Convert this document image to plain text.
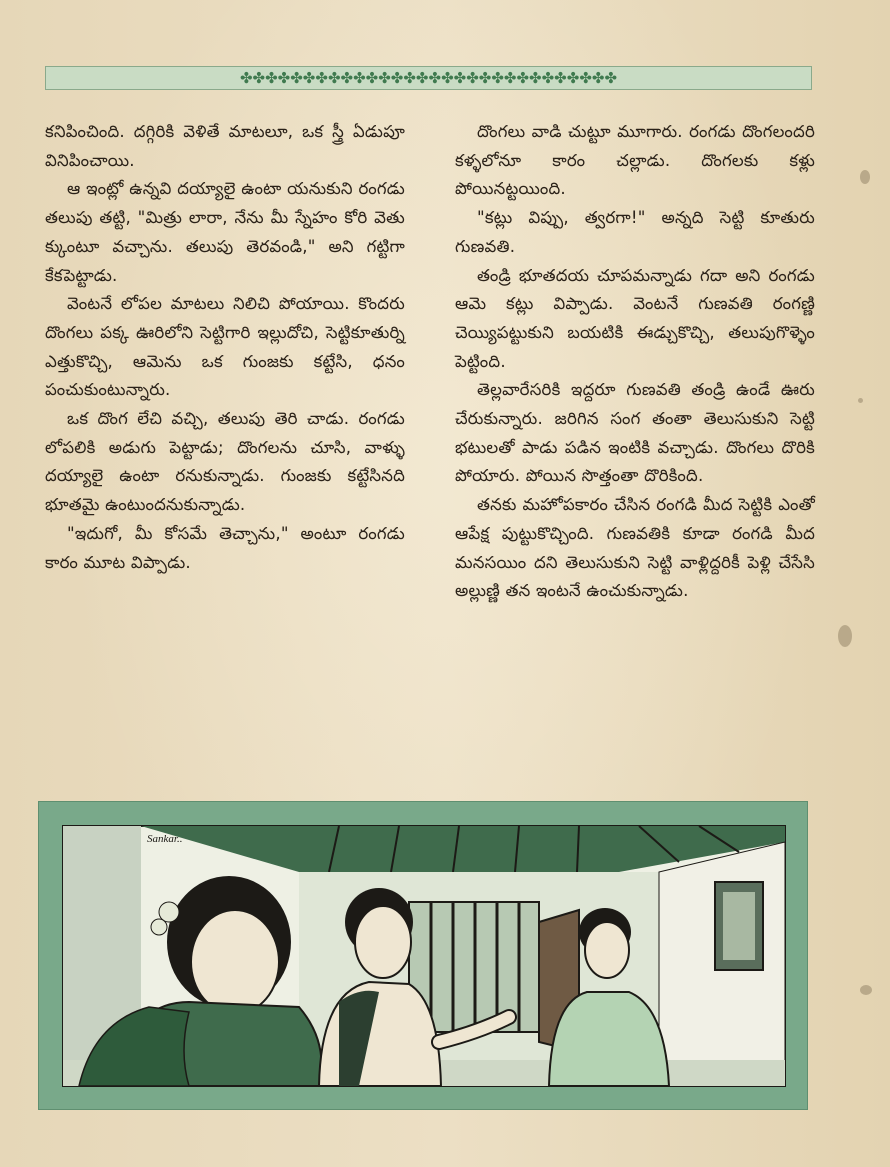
✤✤✤✤✤✤✤✤✤✤✤✤✤✤✤✤✤✤✤✤✤✤✤✤✤✤✤✤✤✤

కనిపించింది. దగ్గిరికి వెళితే మాటలూ, ఒక స్త్రీ ఏడుపూ వినిపించాయి.

ఆ ఇంట్లో ఉన్నవి దయ్యాలై ఉంటా యనుకుని రంగడు తలుపు తట్టి, "మిత్రు లారా, నేను మీ స్నేహం కోరి వెతు క్కుంటూ వచ్చాను. తలుపు తెరవండి," అని గట్టిగా కేకపెట్టాడు.

వెంటనే లోపల మాటలు నిలిచి పోయాయి. కొందరు దొంగలు పక్క ఊరిలోని సెట్టిగారి ఇల్లుదోచి, సెట్టికూతుర్ని ఎత్తుకొచ్చి, ఆమెను ఒక గుంజకు కట్టేసి, ధనం పంచుకుంటున్నారు.

ఒక దొంగ లేచి వచ్చి, తలుపు తెరి చాడు. రంగడు లోపలికి అడుగు పెట్టాడు; దొంగలను చూసి, వాళ్ళు దయ్యాలై ఉంటా రనుకున్నాడు. గుంజకు కట్టేసినది భూతమై ఉంటుందనుకున్నాడు.

"ఇదుగో, మీ కోసమే తెచ్చాను," అంటూ రంగడు కారం మూట విప్పాడు.

దొంగలు వాడి చుట్టూ మూగారు. రంగడు దొంగలందరి కళ్ళలోనూ కారం చల్లాడు. దొంగలకు కళ్లు పోయినట్టయింది.

"కట్లు విప్పు, త్వరగా!" అన్నది సెట్టి కూతురు గుణవతి.

తండ్రి భూతదయ చూపమన్నాడు గదా అని రంగడు ఆమె కట్లు విప్పాడు. వెంటనే గుణవతి రంగణ్ణి చెయ్యిపట్టుకుని బయటికి ఈడ్చుకొచ్చి, తలుపుగొళ్ళెం పెట్టింది.

తెల్లవారేసరికి ఇద్దరూ గుణవతి తండ్రి ఉండే ఊరు చేరుకున్నారు. జరిగిన సంగ తంతా తెలుసుకుని సెట్టి భటులతో పాడు పడిన ఇంటికి వచ్చాడు. దొంగలు దొరికి పోయారు. పోయిన సొత్తంతా దొరికింది.

తనకు మహోపకారం చేసిన రంగడి మీద సెట్టికి ఎంతో ఆపేక్ష పుట్టుకొచ్చింది. గుణవతికి కూడా రంగడి మీద మనసయిం దని తెలుసుకుని సెట్టి వాళ్లిద్దరికీ పెళ్లి చేసేసి అల్లుణ్ణి తన ఇంటనే ఉంచుకున్నాడు.

Sankar..
